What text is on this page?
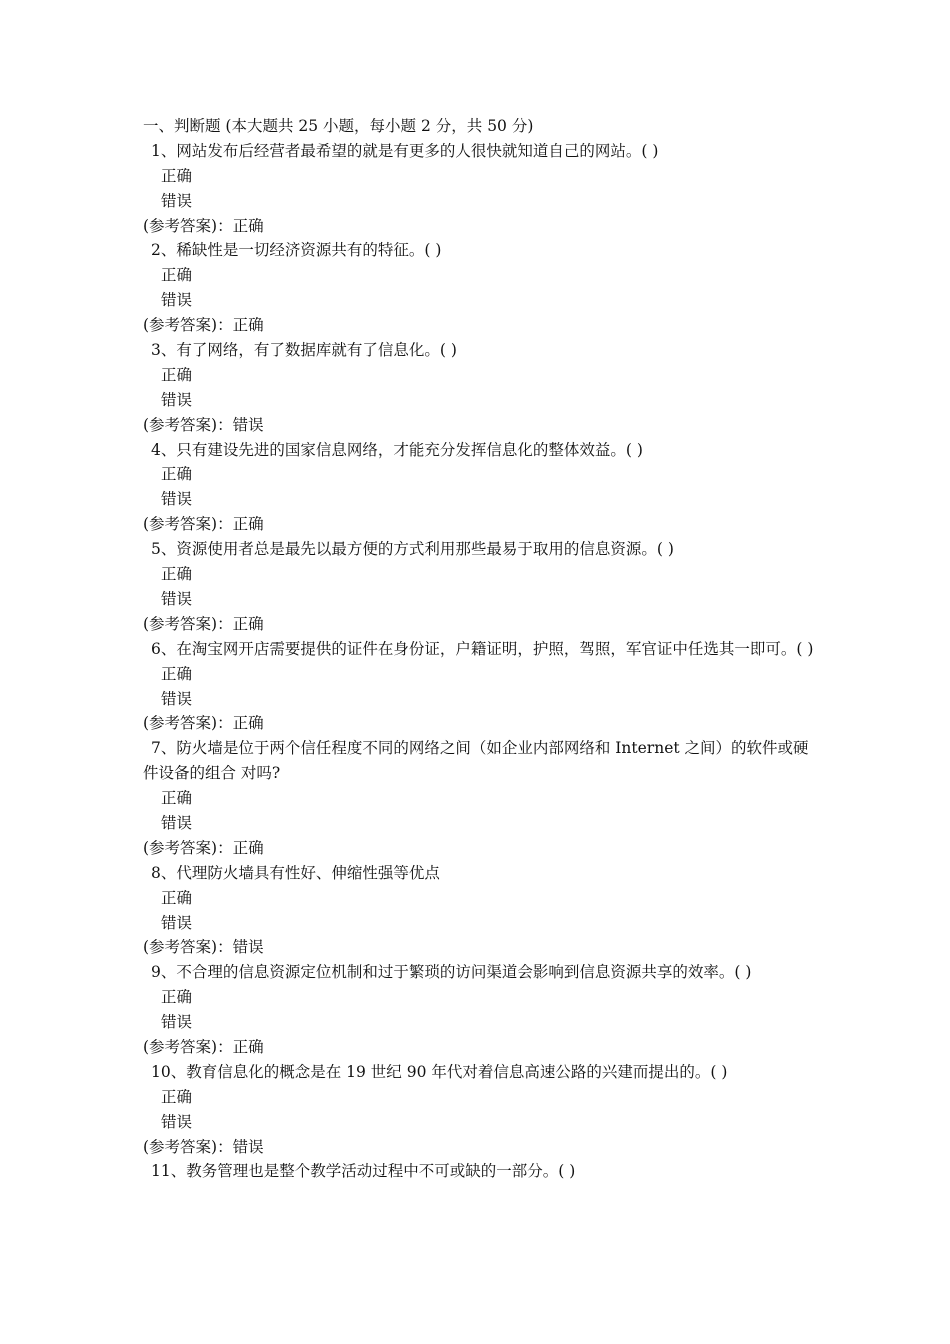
一、判断题 (本大题共 25 小题，每小题 2 分，共 50 分)
1、网站发布后经营者最希望的就是有更多的人很快就知道自己的网站。( )
正确
错误
(参考答案)：正确
2、稀缺性是一切经济资源共有的特征。( )
正确
错误
(参考答案)：正确
3、有了网络，有了数据库就有了信息化。( )
正确
错误
(参考答案)：错误
4、只有建设先进的国家信息网络，才能充分发挥信息化的整体效益。( )
正确
错误
(参考答案)：正确
5、资源使用者总是最先以最方便的方式利用那些最易于取用的信息资源。( )
正确
错误
(参考答案)：正确
6、在淘宝网开店需要提供的证件在身份证，户籍证明，护照，驾照，军官证中任选其一即可。( )
正确
错误
(参考答案)：正确
7、防火墙是位于两个信任程度不同的网络之间（如企业内部网络和 Internet 之间）的软件或硬件设备的组合 对吗?
正确
错误
(参考答案)：正确
8、代理防火墙具有性好、伸缩性强等优点
正确
错误
(参考答案)：错误
9、不合理的信息资源定位机制和过于繁琐的访问渠道会影响到信息资源共享的效率。( )
正确
错误
(参考答案)：正确
10、教育信息化的概念是在 19 世纪 90 年代对着信息高速公路的兴建而提出的。( )
正确
错误
(参考答案)：错误
11、教务管理也是整个教学活动过程中不可或缺的一部分。( )
